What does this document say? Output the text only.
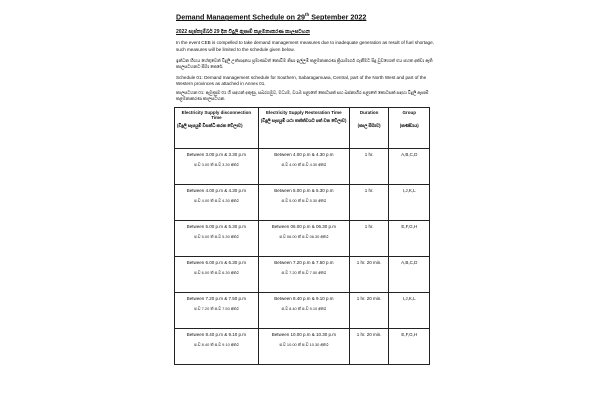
Demand Management Schedule on 29th September 2022
2022 සැප්තැම්බර් 29 දින විදුලි ඇප්‍රුම් කළමනාකරණ කාලසටහන
In the event CEB is compelled to take demand management measures due to inadequate generation as result of fuel shortage, such measures will be limited to the schedule given below.
ඉන්ධන හිඟය හේතුවෙන් විදුලි උත්පාදනය ප්‍රමාණවත් නොවීම නිසා ඉල්ලුම් කළමනාකරණ ක්‍රියාමාර්ග ගැනීමට සිදු වුවහොත් එය පහත දක්වා ඇති කාලසටහනට සීමා කෙරේ.
Schedule 01: Demand management schedule for Southern, Sabaragamuwa, Central, part of the North West and part of the Western provinces as attached in Annex 01.
කාලසටහන 01: ඇමුණුම 01 හි සඳහන් දකුණු, සබරගමුව, මධ්‍යම, වයඹ පළාතේ කොටසක් සහ බස්නාහිර පළාතේ කොටසක් සඳහා විදුලි ඇප්‍රුම් කළමනාකරණ කාලසටහන.
Electricity Supply disconnection Time
(විදුලි සැපයුම් විසන්ධි කරන වේලාව)	Electricity Supply Restoration Time
(විදුලි සැපයුම් යථා තත්ත්වයට පත් වන වේලාව)	Duration
(කාල සීමාව)	Group
(කණ්ඩාය)

Between 3.00 p.m & 3.30 p.m
ප.ව 3.00 ත් ප.ව 3.30 අතර	Between 4.00 p.m & 4.30 p.m
ප.ව 4.00 ත් ප.ව 4.30 අතර	1 hr.	A,B,C,D
Between 4.00 p.m & 4.30 p.m
ප.ව 4.00 ත් ප.ව 4.30 අතර	Between 5.00 p.m & 5.30 p.m
ප.ව 5.00 ත් ප.ව 5.30 අතර	1 hr.	I,J,K,L
Between 5.00 p.m & 5.30 p.m
ප.ව 5.00 ත් ප.ව 5.30 අතර	Between 06.00 p.m & 06.30 p.m
ප.ව 06.00 ත් ප.ව 06.30 අතර	1 hr.	E,F,G,H
Between 6.00 p.m & 6.30 p.m
ප.ව 6.00 ත් ප.ව 6.30 අතර	Between 7.20 p.m & 7.50 p.m
ප.ව 7.20 ත් ප.ව 7.50 අතර	1 hr. 20 min.	A,B,C,D
Between 7.20 p.m & 7.50 p.m
ප.ව 7.20 ත් ප.ව 7.50 අතර	Between 8.40 p.m & 9.10 p.m
ප.ව 8.40 ත් ප.ව 9.10 අතර	1 hr. 20 min.	I,J,K,L
Between 8.40 p.m & 9.10 p.m
ප.ව 8.40 ත් ප.ව 9.10 අතර	Between 10.00 p.m & 10.30 p.m
ප.ව 10.00 ත් ප.ව 10.30 අතර	1 hr. 20 min.	E,F,G,H
